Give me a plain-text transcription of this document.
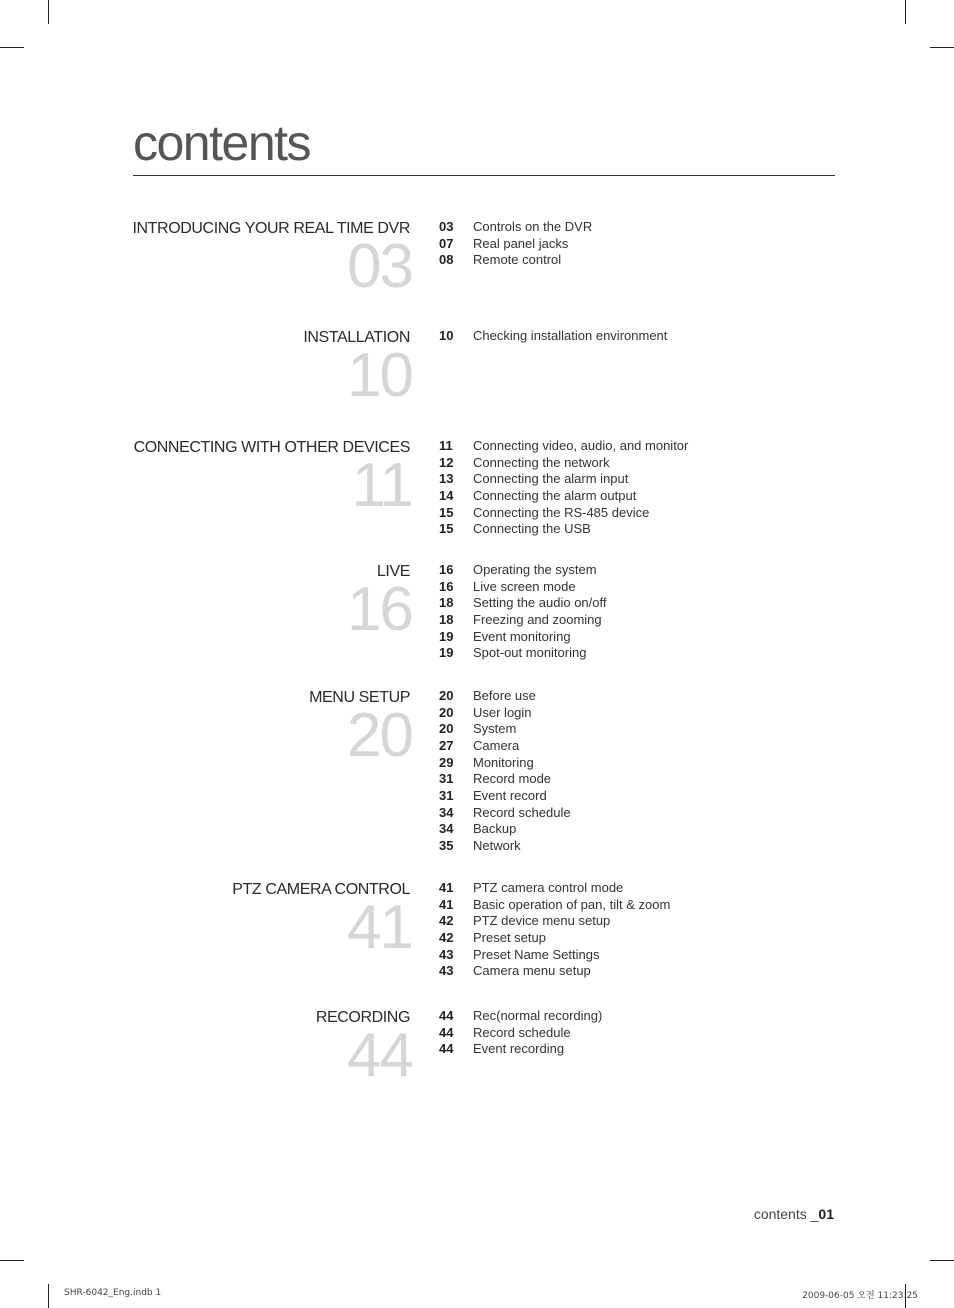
contents
INTRODUCING YOUR REAL TIME DVR
03
03	Controls on the DVR
07	Real panel jacks
08	Remote control
INSTALLATION
10
10	Checking installation environment
CONNECTING WITH OTHER DEVICES
11
11	Connecting video, audio, and monitor
12	Connecting the network
13	Connecting the alarm input
14	Connecting the alarm output
15	Connecting the RS-485 device
15	Connecting the USB
LIVE
16
16	Operating the system
16	Live screen mode
18	Setting the audio on/off
18	Freezing and zooming
19	Event monitoring
19	Spot-out monitoring
MENU SETUP
20
20	Before use
20	User login
20	System
27	Camera
29	Monitoring
31	Record mode
31	Event record
34	Record schedule
34	Backup
35	Network
PTZ CAMERA CONTROL
41
41	PTZ camera control mode
41	Basic operation of pan, tilt & zoom
42	PTZ device menu setup
42	Preset setup
43	Preset Name Settings
43	Camera menu setup
RECORDING
44
44	Rec(normal recording)
44	Record schedule
44	Event recording
contents _01
SHR-6042_Eng.indb 1	2009-06-05 오전 11:23:25
